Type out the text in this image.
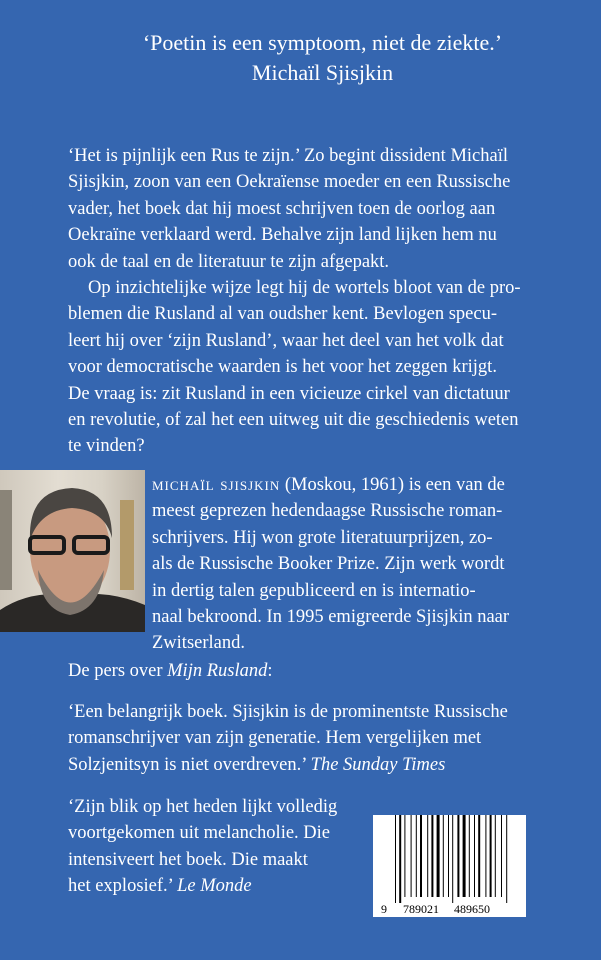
‘Poetin is een symptoom, niet de ziekte.’
Michaïl Sjisjkin
‘Het is pijnlijk een Rus te zijn.’ Zo begint dissident Michaïl
Sjisjkin, zoon van een Oekraïense moeder en een Russische
vader, het boek dat hij moest schrijven toen de oorlog aan
Oekraïne verklaard werd. Behalve zijn land lijken hem nu
ook de taal en de literatuur te zijn afgepakt.
Op inzichtelijke wijze legt hij de wortels bloot van de pro-
blemen die Rusland al van oudsher kent. Bevlogen specu-
leert hij over ‘zijn Rusland’, waar het deel van het volk dat
voor democratische waarden is het voor het zeggen krijgt.
De vraag is: zit Rusland in een vicieuze cirkel van dictatuur
en revolutie, of zal het een uitweg uit die geschiedenis weten
te vinden?
michaïl sjisjkin (Moskou, 1961) is een van de
meest geprezen hedendaagse Russische roman-
schrijvers. Hij won grote literatuurprijzen, zo-
als de Russische Booker Prize. Zijn werk wordt
in dertig talen gepubliceerd en is internatio-
naal bekroond. In 1995 emigreerde Sjisjkin naar
Zwitserland.
De pers over Mijn Rusland:
‘Een belangrijk boek. Sjisjkin is de prominentste Russische
romanschrijver van zijn generatie. Hem vergelijken met
Solzjenitsyn is niet overdreven.’ The Sunday Times
‘Zijn blik op het heden lijkt volledig
voortgekomen uit melancholie. Die
intensiveert het boek. Die maakt
het explosief.’ Le Monde
9 789021 489650
